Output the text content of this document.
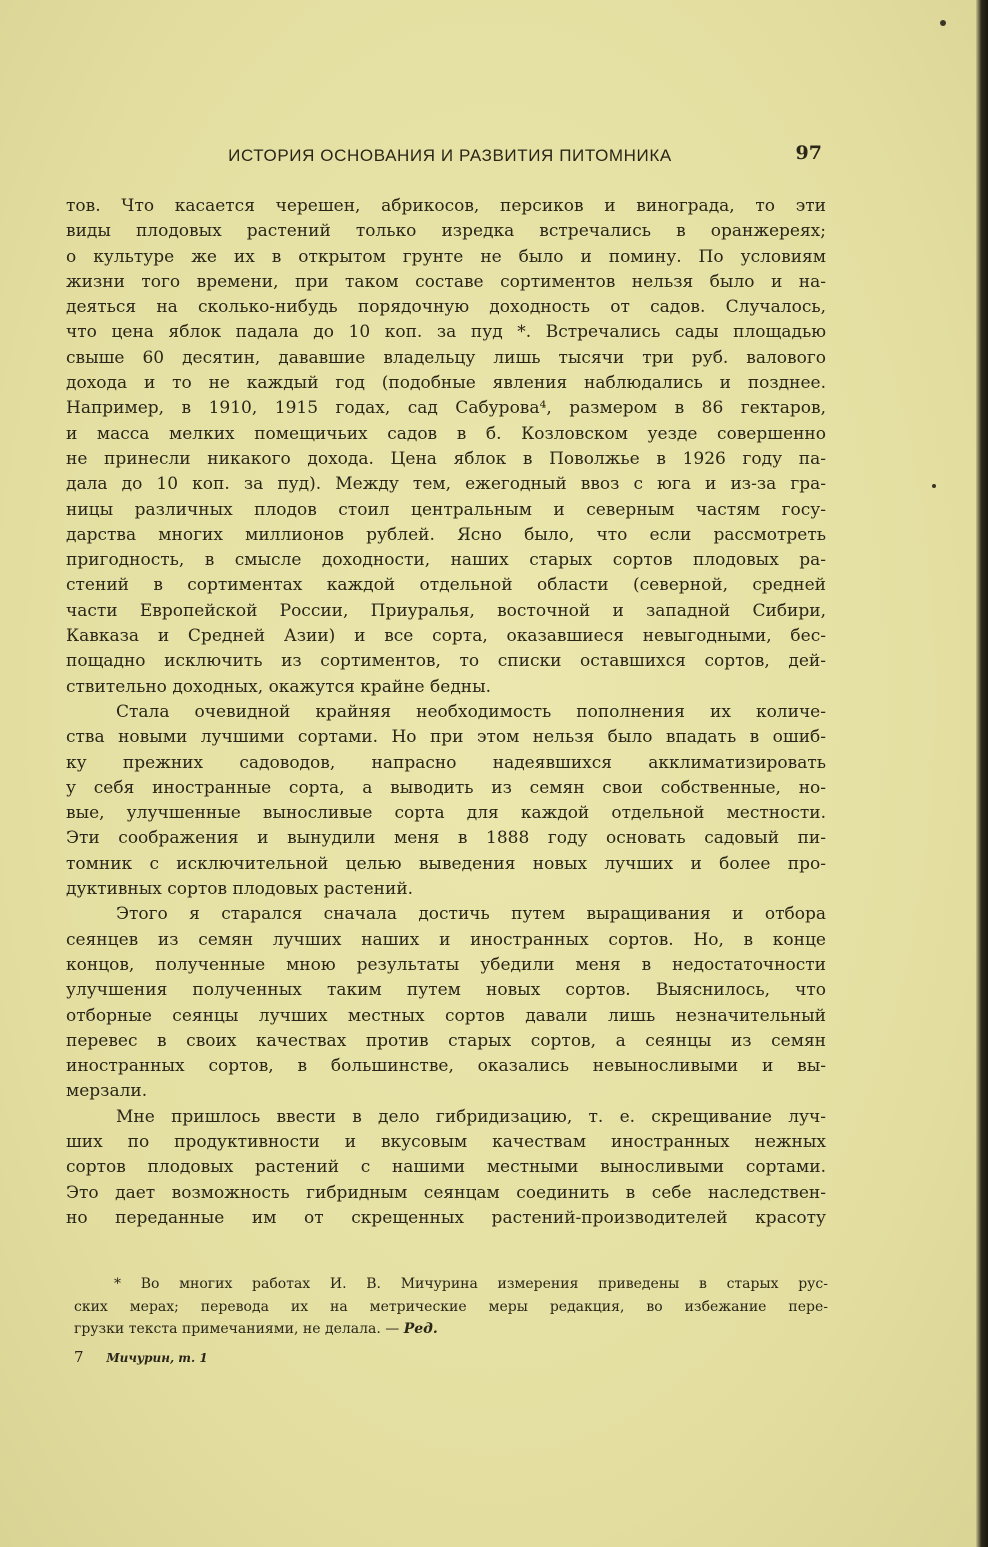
ИСТОРИЯ ОСНОВАНИЯ И РАЗВИТИЯ ПИТОМНИКА	97
тов. Что касается черешен, абрикосов, персиков и винограда, то эти
виды плодовых растений только изредка встречались в оранжереях;
о культуре же их в открытом грунте не было и помину. По условиям
жизни того времени, при таком составе сортиментов нельзя было и на-
деяться на сколько-нибудь порядочную доходность от садов. Случалось,
что цена яблок падала до 10 коп. за пуд *. Встречались сады площадью
свыше 60 десятин, дававшие владельцу лишь тысячи три руб. валового
дохода и то не каждый год (подобные явления наблюдались и позднее.
Например, в 1910, 1915 годах, сад Сабурова⁴, размером в 86 гектаров,
и масса мелких помещичьих садов в б. Козловском уезде совершенно
не принесли никакого дохода. Цена яблок в Поволжье в 1926 году па-
дала до 10 коп. за пуд). Между тем, ежегодный ввоз с юга и из-за гра-
ницы различных плодов стоил центральным и северным частям госу-
дарства многих миллионов рублей. Ясно было, что если рассмотреть
пригодность, в смысле доходности, наших старых сортов плодовых ра-
стений в сортиментах каждой отдельной области (северной, средней
части Европейской России, Приуралья, восточной и западной Сибири,
Кавказа и Средней Азии) и все сорта, оказавшиеся невыгодными, бес-
пощадно исключить из сортиментов, то списки оставшихся сортов, дей-
ствительно доходных, окажутся крайне бедны.
Стала очевидной крайняя необходимость пополнения их количе-
ства новыми лучшими сортами. Но при этом нельзя было впадать в ошиб-
ку прежних садоводов, напрасно надеявшихся акклиматизировать
у себя иностранные сорта, а выводить из семян свои собственные, но-
вые, улучшенные выносливые сорта для каждой отдельной местности.
Эти соображения и вынудили меня в 1888 году основать садовый пи-
томник с исключительной целью выведения новых лучших и более про-
дуктивных сортов плодовых растений.
Этого я старался сначала достичь путем выращивания и отбора
сеянцев из семян лучших наших и иностранных сортов. Но, в конце
концов, полученные мною результаты убедили меня в недостаточности
улучшения полученных таким путем новых сортов. Выяснилось, что
отборные сеянцы лучших местных сортов давали лишь незначительный
перевес в своих качествах против старых сортов, а сеянцы из семян
иностранных сортов, в большинстве, оказались невыносливыми и вы-
мерзали.
Мне пришлось ввести в дело гибридизацию, т. е. скрещивание луч-
ших по продуктивности и вкусовым качествам иностранных нежных
сортов плодовых растений с нашими местными выносливыми сортами.
Это дает возможность гибридным сеянцам соединить в себе наследствен-
но переданные им от скрещенных растений-производителей красоту
* Во многих работах И. В. Мичурина измерения приведены в старых рус-
ских мерах; перевода их на метрические меры редакция, во избежание пере-
грузки текста примечаниями, не делала. — Ред.
7 Мичурин, т. 1
